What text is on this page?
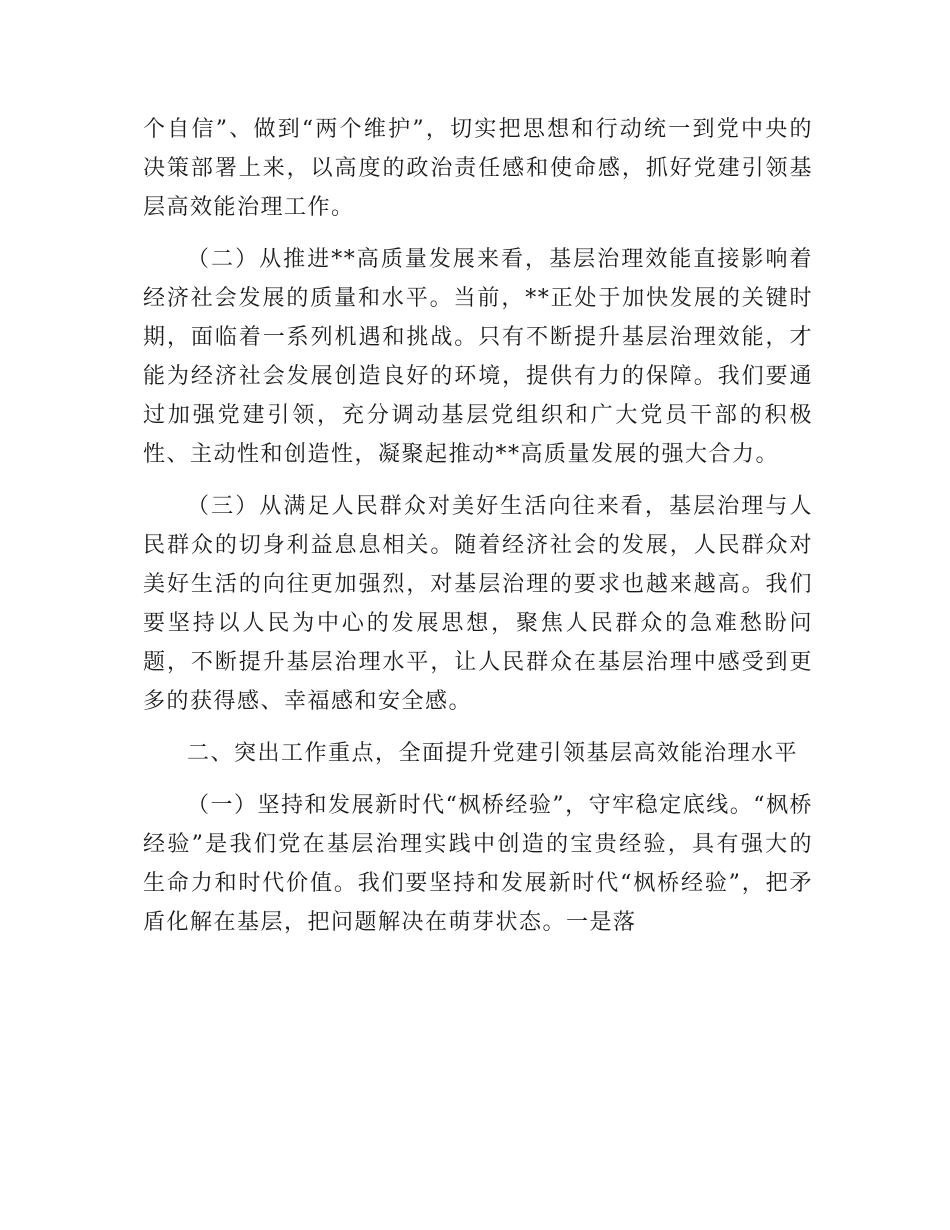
个自信”、做到“两个维护”，切实把思想和行动统一到党中央的决策部署上来，以高度的政治责任感和使命感，抓好党建引领基层高效能治理工作。

（二）从推进**高质量发展来看，基层治理效能直接影响着经济社会发展的质量和水平。当前，**正处于加快发展的关键时期，面临着一系列机遇和挑战。只有不断提升基层治理效能，才能为经济社会发展创造良好的环境，提供有力的保障。我们要通过加强党建引领，充分调动基层党组织和广大党员干部的积极性、主动性和创造性，凝聚起推动**高质量发展的强大合力。

（三）从满足人民群众对美好生活向往来看，基层治理与人民群众的切身利益息息相关。随着经济社会的发展，人民群众对美好生活的向往更加强烈，对基层治理的要求也越来越高。我们要坚持以人民为中心的发展思想，聚焦人民群众的急难愁盼问题，不断提升基层治理水平，让人民群众在基层治理中感受到更多的获得感、幸福感和安全感。

二、突出工作重点，全面提升党建引领基层高效能治理水平

（一）坚持和发展新时代“枫桥经验”，守牢稳定底线。“枫桥经验”是我们党在基层治理实践中创造的宝贵经验，具有强大的生命力和时代价值。我们要坚持和发展新时代“枫桥经验”，把矛盾化解在基层，把问题解决在萌芽状态。一是落
